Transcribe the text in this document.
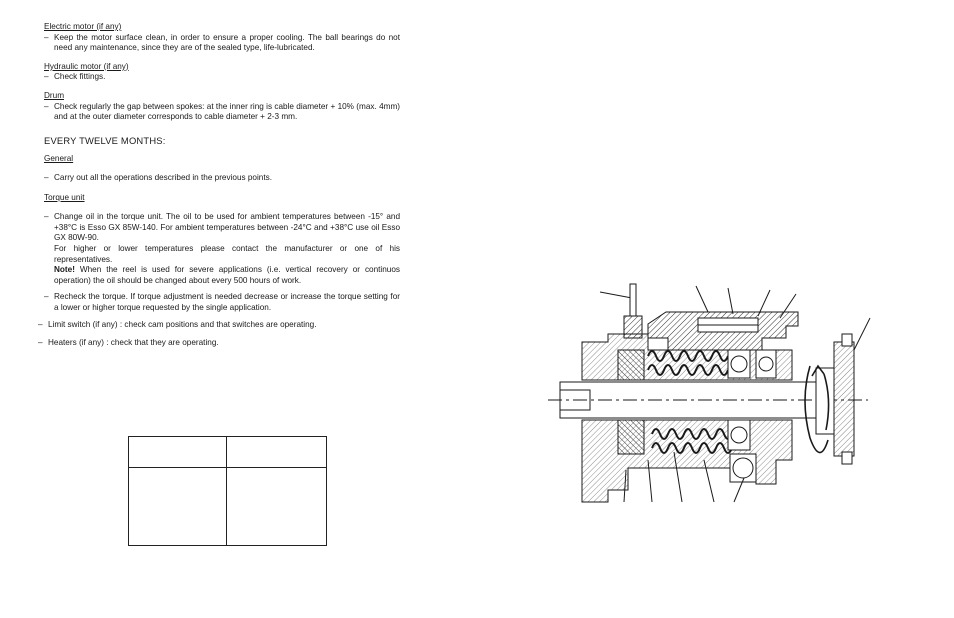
Electric motor (if any)
– Keep the motor surface clean, in order to ensure a proper cooling. The ball bearings do not need any maintenance, since they are of the sealed type, life-lubricated.
Hydraulic motor (if any)
– Check fittings.
Drum
– Check regularly the gap between spokes: at the inner ring is cable diameter + 10% (max. 4mm) and at the outer diameter corresponds to cable diameter + 2-3 mm.
EVERY TWELVE MONTHS:
General
– Carry out all the operations described in the previous points.
Torque unit
– Change oil in the torque unit. The oil to be used for ambient temperatures between -15° and +38°C is Esso GX 85W-140. For ambient temperatures between -24°C and +38°C use oil Esso GX 80W-90.
For higher or lower temperatures please contact the manufacturer or one of his representatives.
Note! When the reel is used for severe applications (i.e. vertical recovery or continuos operation) the oil should be changed about every 500 hours of work.
– Recheck the torque. If torque adjustment is needed decrease or increase the torque setting for a lower or higher torque requested by the single application.
– Limit switch (if any) : check cam positions and that switches are operating.
– Heaters (if any) : check that they are operating.
